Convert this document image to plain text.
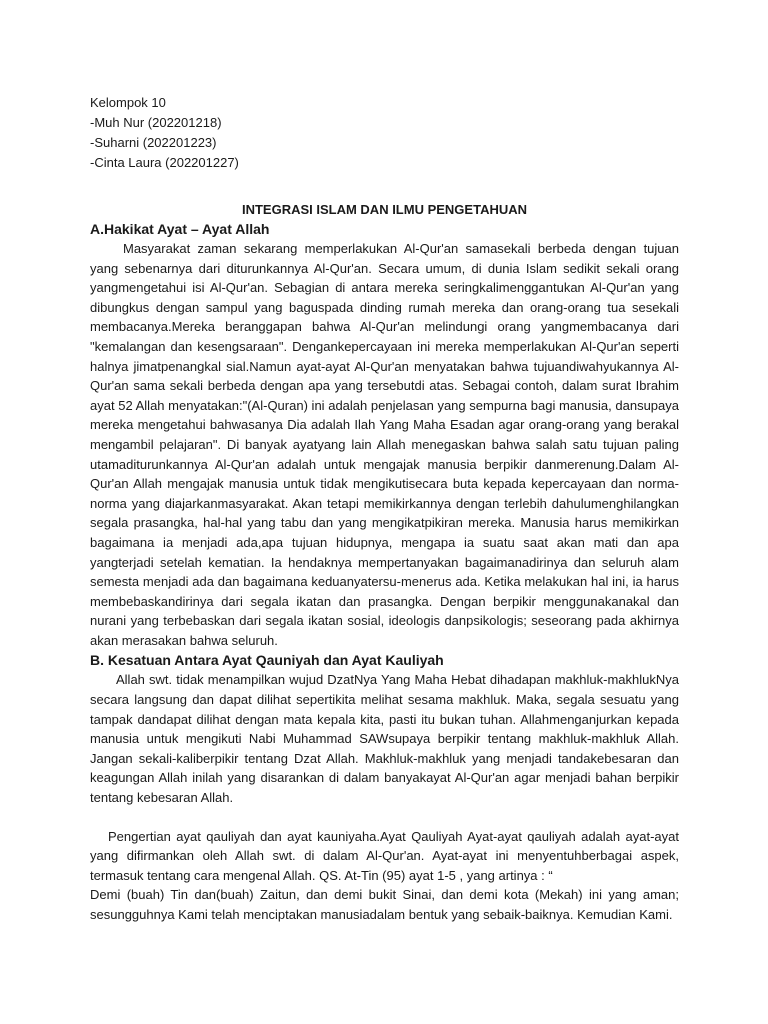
Kelompok 10
-Muh Nur (202201218)
-Suharni (202201223)
-Cinta Laura (202201227)
INTEGRASI ISLAM DAN ILMU PENGETAHUAN
A.Hakikat Ayat – Ayat Allah

Masyarakat zaman sekarang memperlakukan Al-Qur'an samasekali berbeda dengan tujuan yang sebenarnya dari diturunkannya Al-Qur'an. Secara umum, di dunia Islam sedikit sekali orang yangmengetahui isi Al-Qur'an. Sebagian di antara mereka seringkalimenggantukan Al-Qur'an yang dibungkus dengan sampul yang baguspada dinding rumah mereka dan orang-orang tua sesekali membacanya.Mereka beranggapan bahwa Al-Qur'an melindungi orang yangmembacanya dari "kemalangan dan kesengsaraan". Dengankepercayaan ini mereka memperlakukan Al-Qur'an seperti halnya jimatpenangkal sial.Namun ayat-ayat Al-Qur'an menyatakan bahwa tujuandiwahyukannya Al-Qur'an sama sekali berbeda dengan apa yang tersebutdi atas. Sebagai contoh, dalam surat Ibrahim ayat 52 Allah menyatakan:"(Al-Quran) ini adalah penjelasan yang sempurna bagi manusia, dansupaya mereka mengetahui bahwasanya Dia adalah Ilah Yang Maha Esadan agar orang-orang yang berakal mengambil pelajaran". Di banyak ayatyang lain Allah menegaskan bahwa salah satu tujuan paling utamaditurunkannya Al-Qur'an adalah untuk mengajak manusia berpikir danmerenung.Dalam Al-Qur'an Allah mengajak manusia untuk tidak mengikutisecara buta kepada kepercayaan dan norma-norma yang diajarkanmasyarakat. Akan tetapi memikirkannya dengan terlebih dahulumenghilangkan segala prasangka, hal-hal yang tabu dan yang mengikatpikiran mereka. Manusia harus memikirkan bagaimana ia menjadi ada,apa tujuan hidupnya, mengapa ia suatu saat akan mati dan apa yangterjadi setelah kematian. Ia hendaknya mempertanyakan bagaimanadirinya dan seluruh alam semesta menjadi ada dan bagaimana keduanyatersu-menerus ada. Ketika melakukan hal ini, ia harus membebaskandirinya dari segala ikatan dan prasangka. Dengan berpikir menggunakanakal dan nurani yang terbebaskan dari segala ikatan sosial, ideologis danpsikologis; seseorang pada akhirnya akan merasakan bahwa seluruh.

B. Kesatuan Antara Ayat Qauniyah dan Ayat Kauliyah

Allah swt. tidak menampilkan wujud DzatNya Yang Maha Hebat dihadapan makhluk-makhlukNya secara langsung dan dapat dilihat sepertikita melihat sesama makhluk. Maka, segala sesuatu yang tampak dandapat dilihat dengan mata kepala kita, pasti itu bukan tuhan. Allahmenganjurkan kepada manusia untuk mengikuti Nabi Muhammad SAWsupaya berpikir tentang makhluk-makhluk Allah. Jangan sekali-kaliberpikir tentang Dzat Allah. Makhluk-makhluk yang menjadi tandakebesaran dan keagungan Allah inilah yang disarankan di dalam banyakayat Al-Qur'an agar menjadi bahan berpikir tentang kebesaran Allah.

Pengertian ayat qauliyah dan ayat kauniyaha.Ayat Qauliyah Ayat-ayat qauliyah adalah ayat-ayat yang difirmankan oleh Allah swt. di dalam Al-Qur'an. Ayat-ayat ini menyentuhberbagai aspek, termasuk tentang cara mengenal Allah. QS. At-Tin (95) ayat 1-5 , yang artinya : “

Demi (buah) Tin dan(buah) Zaitun, dan demi bukit Sinai, dan demi kota (Mekah) ini yang aman; sesungguhnya Kami telah menciptakan manusiadalam bentuk yang sebaik-baiknya. Kemudian Kami.
